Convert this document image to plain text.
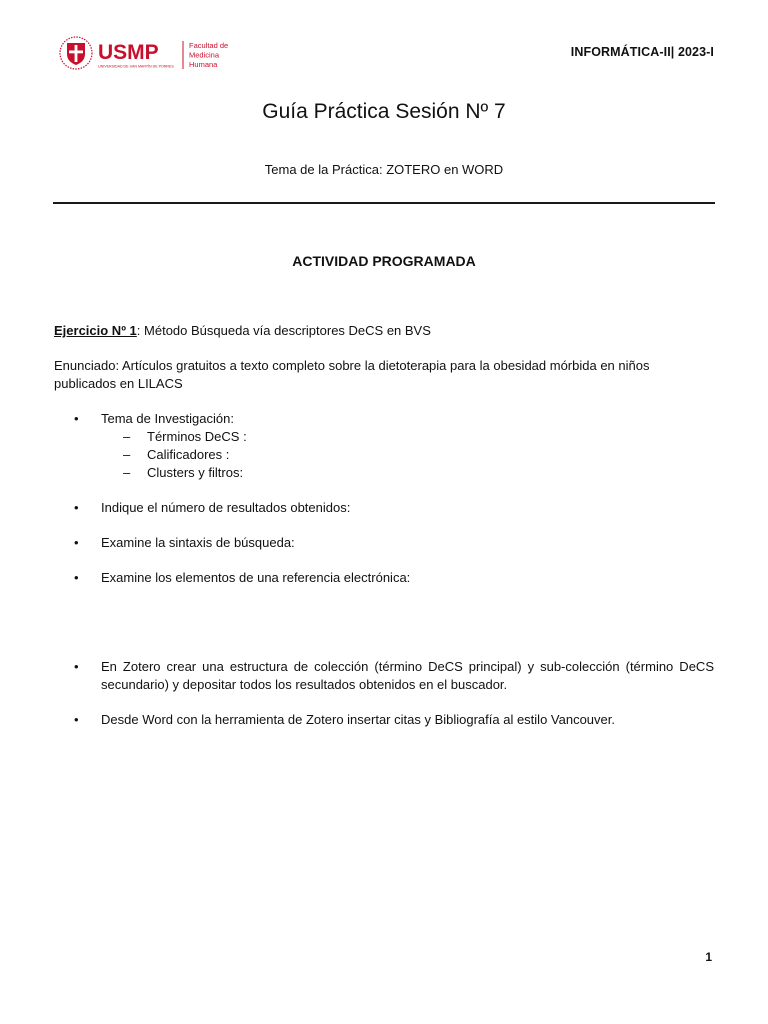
USMP
UNIVERSIDAD DE SAN MARTÍN DE PORRES
Facultad de
Medicina
Humana
INFORMÁTICA-II| 2023-I
Guía Práctica Sesión Nº 7
Tema de la Práctica: ZOTERO en WORD
ACTIVIDAD PROGRAMADA
Ejercicio Nº 1: Método Búsqueda vía descriptores DeCS en BVS
Enunciado: Artículos gratuitos a texto completo sobre la dietoterapia para la obesidad mórbida en niños publicados en LILACS
• Tema de Investigación:
– Términos DeCS :
– Calificadores :
– Clusters y filtros:
• Indique el número de resultados obtenidos:
• Examine la sintaxis de búsqueda:
• Examine los elementos de una referencia electrónica:
• En Zotero crear una estructura de colección (término DeCS principal) y sub-colección (término DeCS secundario) y depositar todos los resultados obtenidos en el buscador.
• Desde Word con la herramienta de Zotero insertar citas y Bibliografía al estilo Vancouver.
1
